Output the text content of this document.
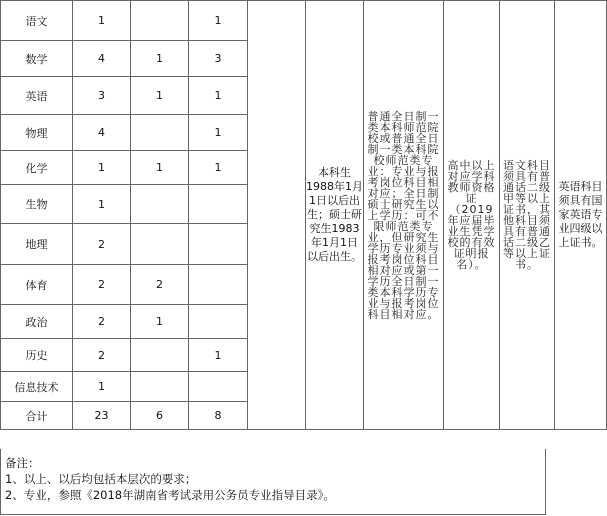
语文	1		1		本科生1988年1月1日以后出生；硕士研究生1983年1月1日以后出生。	普通全日制一类本科师范院校或普通全日制一类本科院校师范类专业：专业与报考岗位科目相对应；全日制硕士研究生以上学历：可不限师范类专业，但研究生学历专业须与报考岗位科目相对应或第一学历全日制一类本科学历专业与报考岗位科目相对应。	高中以上对应学科教师资格证（2019年应届毕业生凭学校的有效证明报名）。	语文科目须具有普通话二级甲等以上证书，其他科目须具有普通话二级乙等以上证书。	英语科目须具有国家英语专业四级以上证书。
数学	4	1	3						
英语	3	1	1						
物理	4		1						
化学	1	1	1						
生物	1								
地理	2								
体育	2	2							
政治	2	1							
历史	2		1						
信息技术	1								
合计	23	6	8						
备注：
1、以上、以后均包括本层次的要求；
2、专业，参照《2018年湖南省考试录用公务员专业指导目录》。
